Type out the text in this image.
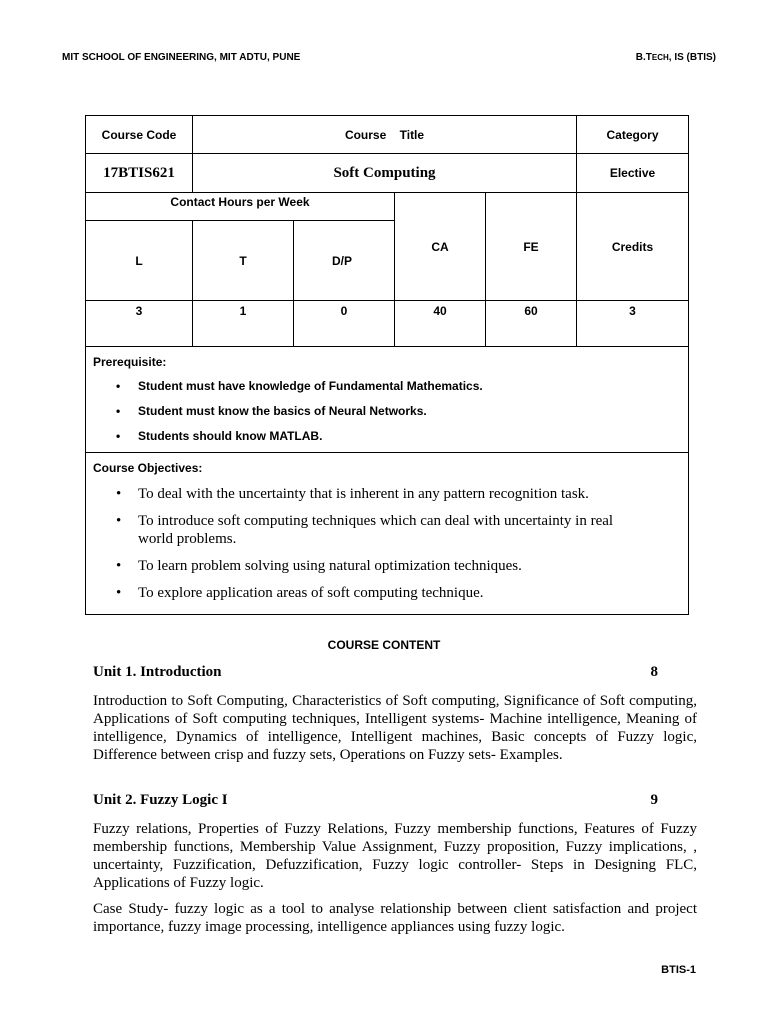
MIT SCHOOL OF ENGINEERING, MIT ADTU, PUNE	B.TECH, IS (BTIS)
Course Code	Course    Title				Category
17BTIS621	Soft Computing				Elective
Contact Hours per Week			CA	FE	Credits
L	T	D/P			
3	1	0	40	60	3
Prerequisite:
• Student must have knowledge of Fundamental Mathematics.
• Student must know the basics of Neural Networks.
• Students should know MATLAB.
Course Objectives:
• To deal with the uncertainty that is inherent in any pattern recognition task.
• To introduce soft computing techniques which can deal with uncertainty in real world problems.
• To learn problem solving using natural optimization techniques.
• To explore application areas of soft computing technique.
COURSE CONTENT
Unit 1. Introduction	8
Introduction to Soft Computing, Characteristics of Soft computing, Significance of Soft computing, Applications of Soft computing techniques, Intelligent systems- Machine intelligence, Meaning of intelligence, Dynamics of intelligence, Intelligent machines, Basic concepts of Fuzzy logic, Difference between crisp and fuzzy sets, Operations on Fuzzy sets- Examples.
Unit 2. Fuzzy Logic I	9
Fuzzy relations, Properties of Fuzzy Relations, Fuzzy membership functions, Features of Fuzzy membership functions, Membership Value Assignment, Fuzzy proposition, Fuzzy implications, , uncertainty, Fuzzification, Defuzzification, Fuzzy logic controller- Steps in Designing FLC, Applications of Fuzzy logic.
Case Study- fuzzy logic as a tool to analyse relationship between client satisfaction and project importance, fuzzy image processing, intelligence appliances using fuzzy logic.
BTIS-1
